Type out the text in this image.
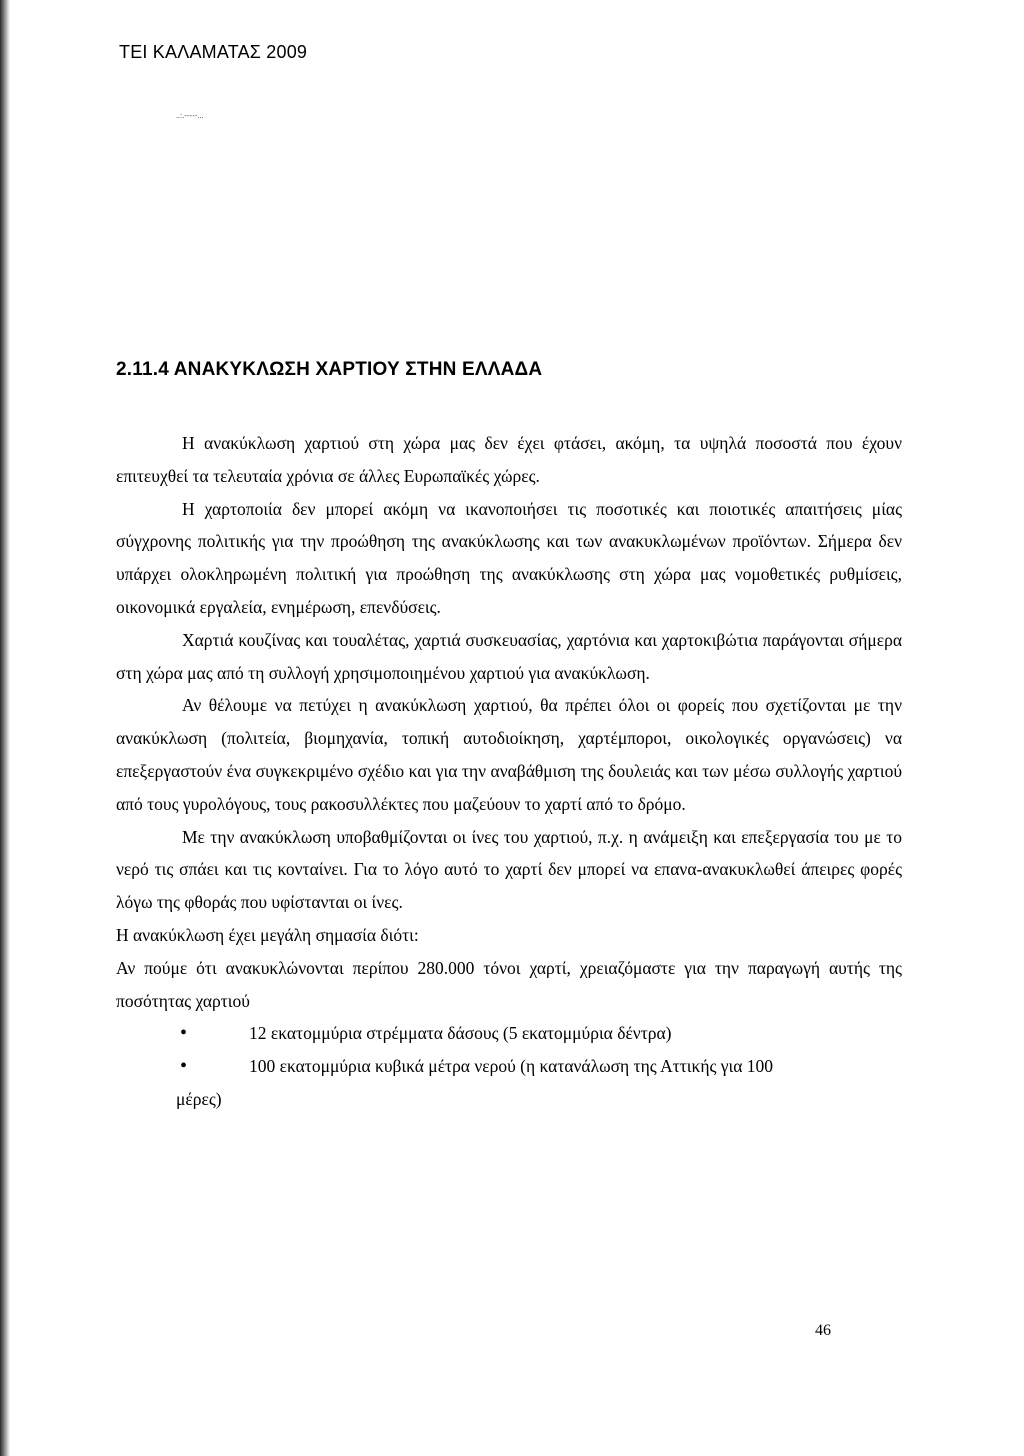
ΤΕΙ ΚΑΛΑΜΑΤΑΣ 2009
..:.-----...
2.11.4 ΑΝΑΚΥΚΛΩΣΗ ΧΑΡΤΙΟΥ ΣΤΗΝ ΕΛΛΑΔΑ

Η ανακύκλωση χαρτιού στη χώρα μας δεν έχει φτάσει, ακόμη, τα υψηλά ποσοστά που έχουν επιτευχθεί τα τελευταία χρόνια σε άλλες Ευρωπαϊκές χώρες.

Η χαρτοποιία δεν μπορεί ακόμη να ικανοποιήσει τις ποσοτικές και ποιοτικές απαιτήσεις μίας σύγχρονης πολιτικής για την προώθηση της ανακύκλωσης και των ανακυκλωμένων προϊόντων. Σήμερα δεν υπάρχει ολοκληρωμένη πολιτική για προώθηση της ανακύκλωσης στη χώρα μας νομοθετικές ρυθμίσεις, οικονομικά εργαλεία, ενημέρωση, επενδύσεις.

Χαρτιά κουζίνας και τουαλέτας, χαρτιά συσκευασίας, χαρτόνια και χαρτοκιβώτια παράγονται σήμερα στη χώρα μας από τη συλλογή χρησιμοποιημένου χαρτιού για ανακύκλωση.

Αν θέλουμε να πετύχει η ανακύκλωση χαρτιού, θα πρέπει όλοι οι φορείς που σχετίζονται με την ανακύκλωση (πολιτεία, βιομηχανία, τοπική αυτοδιοίκηση, χαρτέμποροι, οικολογικές οργανώσεις) να επεξεργαστούν ένα συγκεκριμένο σχέδιο και για την αναβάθμιση της δουλειάς και των μέσω συλλογής χαρτιού από τους γυρολόγους, τους ρακοσυλλέκτες που μαζεύουν το χαρτί από το δρόμο.

Με την ανακύκλωση υποβαθμίζονται οι ίνες του χαρτιού, π.χ. η ανάμειξη και επεξεργασία του με το νερό τις σπάει και τις κονταίνει. Για το λόγο αυτό το χαρτί δεν μπορεί να επανα-ανακυκλωθεί άπειρες φορές λόγω της φθοράς που υφίστανται οι ίνες.

Η ανακύκλωση έχει μεγάλη σημασία διότι:

Αν πούμε ότι ανακυκλώνονται περίπου 280.000 τόνοι χαρτί, χρειαζόμαστε για την παραγωγή αυτής της ποσότητας χαρτιού

•	12 εκατομμύρια στρέμματα δάσους (5 εκατομμύρια δέντρα)
•	100 εκατομμύρια κυβικά μέτρα νερού (η κατανάλωση της Αττικής για 100
μέρες)
46
